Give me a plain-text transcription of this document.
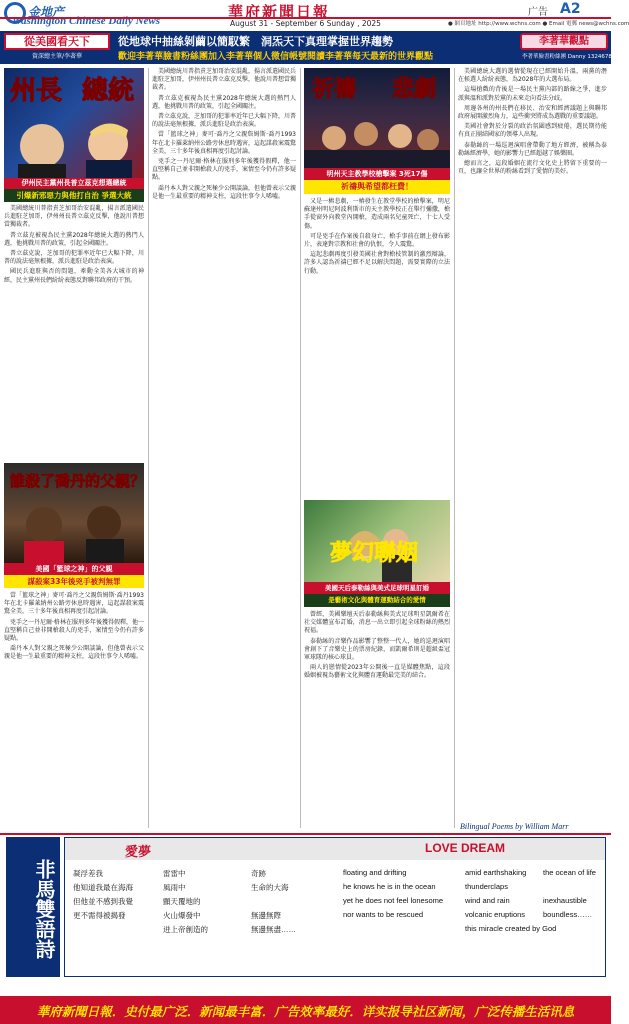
金地产
Washington Chinese Daily News	華府新聞日報	广告 A2
August 31 - September 6 Sunday , 2025	● 網頁地址 http://www.wchns.com ● Email 電郵 news@wchns.com
從美國看天下
資深總主筆/李著華
從地球中抽絲剝繭以簡馭繁　洞炁天下真理掌握世界趨勢
歡迎李著華臉書粉絲團加入李著華個人微信帳號閱讀李著華每天最新的世界觀點
李著華觀點
李著華臉書粉絲團 Danny 13246782
州長 總統
伊州民主黨州長普立茲克想選總統
引爆新邪惡力與他打自治 爭選大統

美國總統川普指責芝加哥治安混亂，揚言派遣國民兵進駐芝加哥，伊州州長普立茲克反擊，他說川普想當獨裁者。

普立茲克被視為民主黨2028年總統大選的熱門人選，他挑戰川普的政策，引起全國關注。

普立茲克說，芝加哥的犯罪率近年已大幅下降，川普的說法毫無根據，派兵進駐是政治表演。

國民兵進駐與否的問題，牽動全美各大城市的神經，民主黨州長們紛紛表態反對聯邦政府的干預。

誰殺了喬丹的父親？
美國「籃球之神」的父親
謀殺案33年後兇手被判無罪

當「籃球之神」麥可·喬丹之父親詹姆斯·喬丹1993年在北卡羅萊納州公路旁休息時遇害，這起謀殺案震驚全美，三十多年後真相再度引起討論。

兇手之一丹尼爾·格林在服刑多年後獲得假釋，他一直堅稱自己並非開槍殺人的兇手，案情至今仍有許多疑點。

喬丹本人對父親之死極少公開談論，但他曾表示父親是他一生最重要的精神支柱，這段往事令人唏噓。

美國總統川普指責芝加哥治安混亂，揚言派遣國民兵進駐芝加哥，伊州州長普立茲克反擊，他說川普想當獨裁者。

普立茲克被視為民主黨2028年總統大選的熱門人選，他挑戰川普的政策，引起全國關注。

普立茲克說，芝加哥的犯罪率近年已大幅下降，川普的說法毫無根據，派兵進駐是政治表演。

當「籃球之神」麥可·喬丹之父親詹姆斯·喬丹1993年在北卡羅萊納州公路旁休息時遇害，這起謀殺案震驚全美，三十多年後真相再度引起討論。

兇手之一丹尼爾·格林在服刑多年後獲得假釋，他一直堅稱自己並非開槍殺人的兇手，案情至今仍有許多疑點。

喬丹本人對父親之死極少公開談論，但他曾表示父親是他一生最重要的精神支柱，這段往事令人唏噓。

祈禱 悲劇
明州天主教學校槍擊案 3死17傷
祈禱與希望都枉費！

又是一樁悲劇，一樁發生在教堂學校的槍擊案，明尼蘇達州明尼阿波利斯市的天主教學校正在舉行彌撒，槍手從窗外向教堂內開槍，造成兩名兒童死亡，十七人受傷。

可是兇手在作案後自殺身亡，槍手事前在網上發布影片，表達對宗教和社會的仇恨，令人震驚。

這起悲劇再度引發美國社會對槍枝管制的激烈辯論，許多人認為祈禱已經不足以解決問題，需要實際的立法行動。

夢幻聯姻
美國天后泰勒絲與美式足球明星訂婚
是藝術文化與體育運動結合的愛情

曾經，美國樂壇天后泰勒絲與美式足球明星凱爾希在社交媒體宣布訂婚，消息一出立即引起全球粉絲的熱烈祝福。

泰勒絲的音樂作品影響了整整一代人，她的巡迴演唱會創下了音樂史上的票房紀錄，而凱爾希則是超級盃冠軍球隊的核心球員。

兩人的戀情從2023年公開後一直是媒體焦點，這段婚姻被視為藝術文化與體育運動最完美的結合。

美國總統大選的選情從現在已經開始升溫，兩黨的潛在候選人紛紛表態，為2028年的大選布局。

這場搶戲的背後是一場民主黨內部的路線之爭，進步派與溫和派對於黨的未來走向看法分歧。

周邊各州的州長們在移民、治安和經濟議題上與聯邦政府展開激烈角力，這些衝突將成為選戰的重要議題。

美國社會對於分裂的政治氛圍感到疲倦，選民期待能有真正團結國家的領導人出現。

泰勒絲的一場巡迴演唱會帶動了地方經濟，被稱為泰勒絲經濟學，她的影響力已經超越了娛樂圈。

總而言之，這段婚姻在流行文化史上將留下重要的一頁，也讓全世界的粉絲看到了愛情的美好。

Bilingual Poems by William Marr
非馬雙語詩
愛夢	LOVE DREAM
凝浮差我
他知道我最在海海
但他並不感到我覺
更不需得被揭發
雷雷中
風雨中
顫天覆地的
火山爆發中
迸上帝創造的
奇跡
生命的大海
無邊無際
無邊無盡……
floating and drifting
he knows he is in the ocean
yet he does not feel lonesome
nor wants to be rescued
amid earthshaking
thunderclaps
wind and rain
volcanic eruptions
this miracle created by God
the ocean of life
inexhaustible
boundless……
華府新聞日報．史付最广泛．新闻最丰富．广告效率最好．详实报导社区新闻，广泛传播生活讯息
